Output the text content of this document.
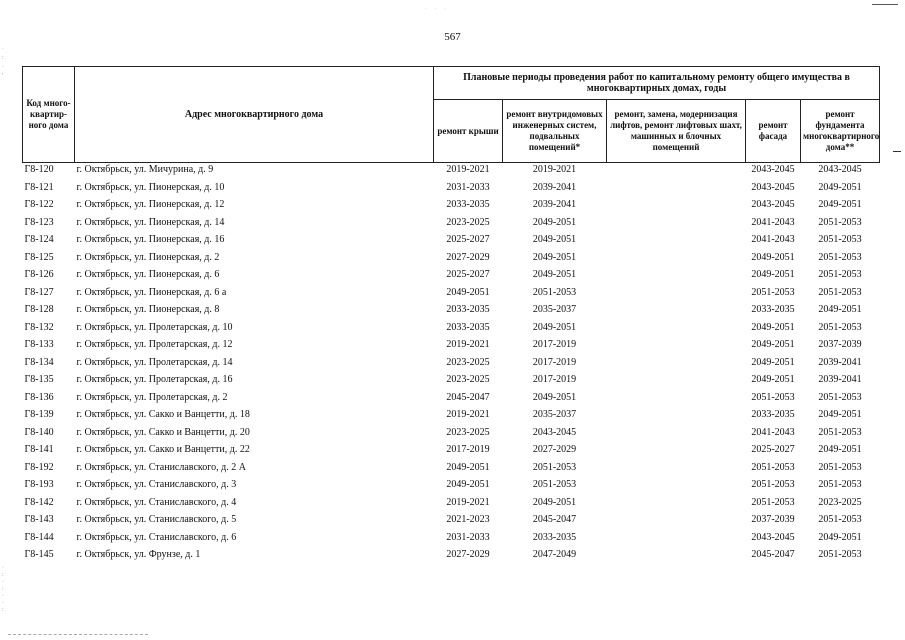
· · ·
·
:
·
'
·
:
·
:
·
·
:
567
Код много-квартир-ного дома	Адрес многоквартирного дома	Плановые периоды проведения работ по капитальному ремонту общего имущества в многоквартирных домах, годы				
		ремонт крыши	ремонт внутридомовых инженерных систем, подвальных помещений*	ремонт, замена, модернизация лифтов, ремонт лифтовых шахт, машинных и блочных помещений	ремонт фасада	ремонт фундамента многоквартирного дома**
Г8-120	г. Октябрьск, ул. Мичурина, д. 9	2019-2021	2019-2021		2043-2045	2043-2045
Г8-121	г. Октябрьск, ул. Пионерская, д. 10	2031-2033	2039-2041		2043-2045	2049-2051
Г8-122	г. Октябрьск, ул. Пионерская, д. 12	2033-2035	2039-2041		2043-2045	2049-2051
Г8-123	г. Октябрьск, ул. Пионерская, д. 14	2023-2025	2049-2051		2041-2043	2051-2053
Г8-124	г. Октябрьск, ул. Пионерская, д. 16	2025-2027	2049-2051		2041-2043	2051-2053
Г8-125	г. Октябрьск, ул. Пионерская, д. 2	2027-2029	2049-2051		2049-2051	2051-2053
Г8-126	г. Октябрьск, ул. Пионерская, д. 6	2025-2027	2049-2051		2049-2051	2051-2053
Г8-127	г. Октябрьск, ул. Пионерская, д. 6 а	2049-2051	2051-2053		2051-2053	2051-2053
Г8-128	г. Октябрьск, ул. Пионерская, д. 8	2033-2035	2035-2037		2033-2035	2049-2051
Г8-132	г. Октябрьск, ул. Пролетарская, д. 10	2033-2035	2049-2051		2049-2051	2051-2053
Г8-133	г. Октябрьск, ул. Пролетарская, д. 12	2019-2021	2017-2019		2049-2051	2037-2039
Г8-134	г. Октябрьск, ул. Пролетарская, д. 14	2023-2025	2017-2019		2049-2051	2039-2041
Г8-135	г. Октябрьск, ул. Пролетарская, д. 16	2023-2025	2017-2019		2049-2051	2039-2041
Г8-136	г. Октябрьск, ул. Пролетарская, д. 2	2045-2047	2049-2051		2051-2053	2051-2053
Г8-139	г. Октябрьск, ул. Сакко и Ванцетти, д. 18	2019-2021	2035-2037		2033-2035	2049-2051
Г8-140	г. Октябрьск, ул. Сакко и Ванцетти, д. 20	2023-2025	2043-2045		2041-2043	2051-2053
Г8-141	г. Октябрьск, ул. Сакко и Ванцетти, д. 22	2017-2019	2027-2029		2025-2027	2049-2051
Г8-192	г. Октябрьск, ул. Станиславского, д. 2 А	2049-2051	2051-2053		2051-2053	2051-2053
Г8-193	г. Октябрьск, ул. Станиславского, д. 3	2049-2051	2051-2053		2051-2053	2051-2053
Г8-142	г. Октябрьск, ул. Станиславского, д. 4	2019-2021	2049-2051		2051-2053	2023-2025
Г8-143	г. Октябрьск, ул. Станиславского, д. 5	2021-2023	2045-2047		2037-2039	2051-2053
Г8-144	г. Октябрьск, ул. Станиславского, д. 6	2031-2033	2033-2035		2043-2045	2049-2051
Г8-145	г. Октябрьск, ул. Фрунзе, д. 1	2027-2029	2047-2049		2045-2047	2051-2053
